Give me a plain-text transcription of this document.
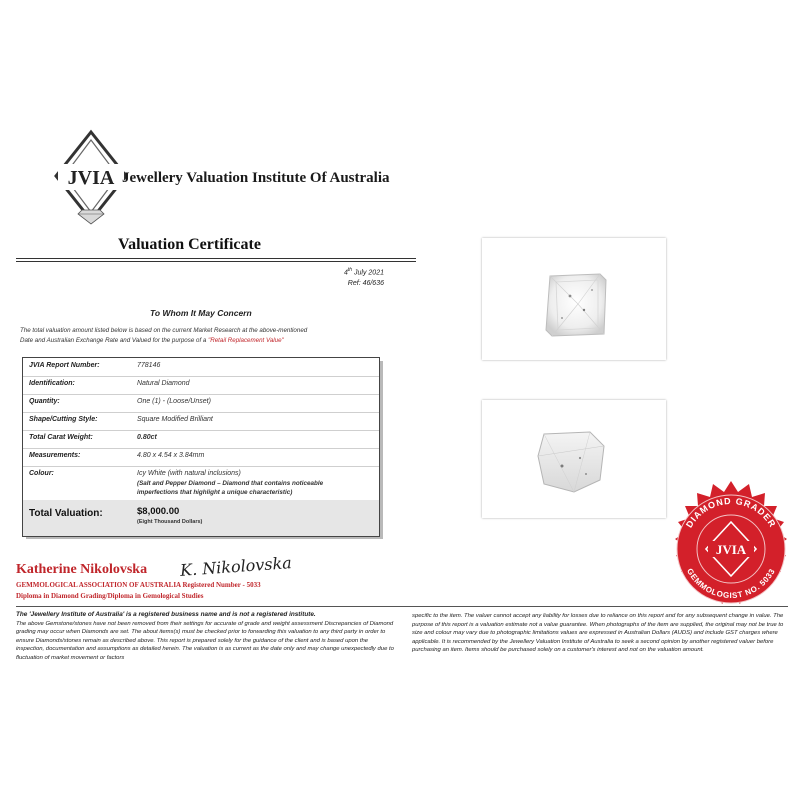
JVIA Jewellery Valuation Institute Of Australia
Valuation Certificate
4th July 2021
Ref: 46/636
To Whom It May Concern
The total valuation amount listed below is based on the current Market Research at the above-mentioned
Date and Australian Exchange Rate and Valued for the purpose of a "Retail Replacement Value"
JVIA Report Number:	778146
Identification:	Natural Diamond
Quantity:	One (1) - (Loose/Unset)
Shape/Cutting Style:	Square Modified Brilliant
Total Carat Weight:	0.80ct
Measurements:	4.80 x 4.54 x 3.84mm
Colour:	Icy White (with natural inclusions)
(Salt and Pepper Diamond – Diamond that contains noticeable
imperfections that highlight a unique characteristic)
Total Valuation:	$8,000.00
(Eight Thousand Dollars)
Katherine Nikolovska K. Nikolovska
GEMMOLOGICAL ASSOCIATION OF AUSTRALIA Registered Number - 5033
Diploma in Diamond Grading/Diploma in Gemological Studies
The 'Jewellery Institute of Australia' is a registered business name and is not a registered institute.
The above Gemstone/stones have not been removed from their settings for accurate of grade and weight assessment Discrepancies of Diamond grading may occur when Diamonds are set. The about items(s) must be checked prior to forwarding this valuation to any third party in order to ensure Diamonds/stones remain as described above. This report is prepared solely for the guidance of the client and is based upon the inspection, documentation and assumptions as detailed herein. The valuation is as current as the date only and may change unexpectedly due to fluctuation of market movement or factors
specific to the item. The valuer cannot accept any liability for losses due to reliance on this report and for any subsequent change in value. The purpose of this report is a valuation estimate not a value guarantee. When photographs of the item are supplied, the original may not be true to size and colour may vary due to photographic limitations values are expressed in Australian Dollars (AUDS) and include GST charges where applicable. It is recommended by the Jewellery Valuation Institute of Australia to seek a second opinion by another registered valuer before purchasing an item. Items should be purchased solely on a customer's interest and not on the valuation amount.
DIAMOND GRADER
GEMMOLOGIST NO. 5033
JVIA
